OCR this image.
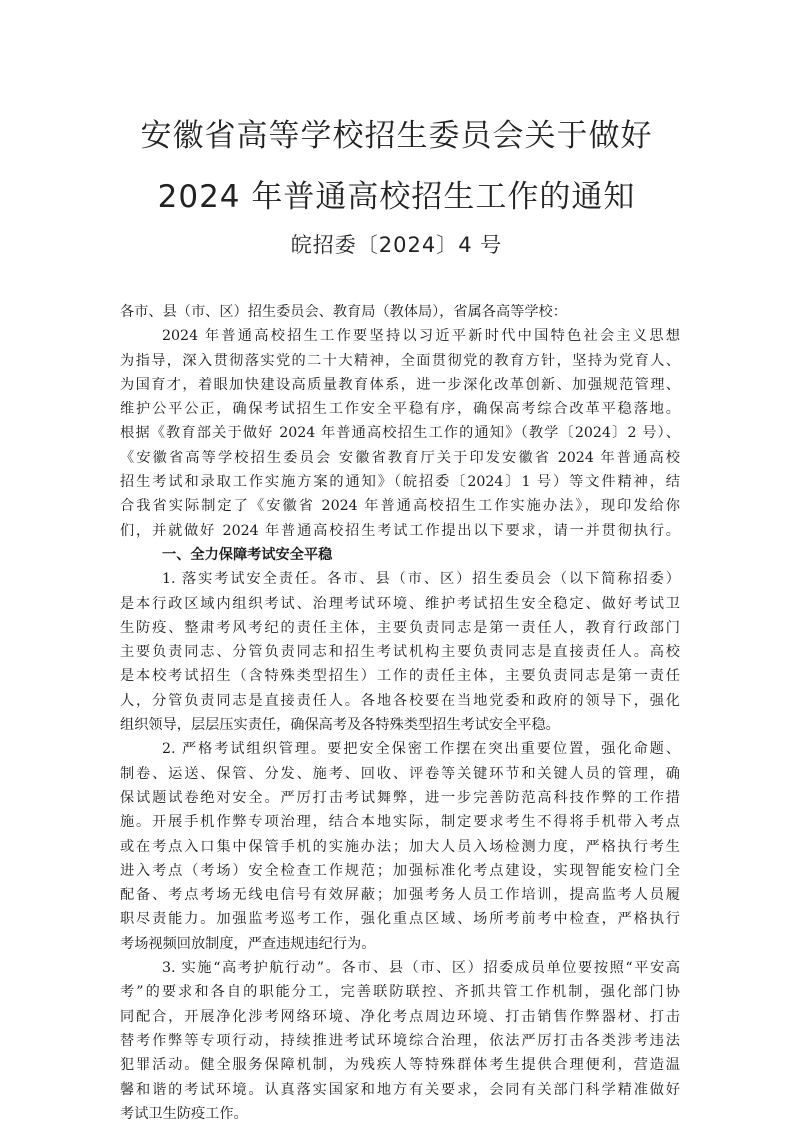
安徽省高等学校招生委员会关于做好
2024 年普通高校招生工作的通知
皖招委〔2024〕4 号
各市、县（市、区）招生委员会、教育局（教体局），省属各高等学校：
2024 年普通高校招生工作要坚持以习近平新时代中国特色社会主义思想
为指导，深入贯彻落实党的二十大精神，全面贯彻党的教育方针，坚持为党育人、
为国育才，着眼加快建设高质量教育体系，进一步深化改革创新、加强规范管理、
维护公平公正，确保考试招生工作安全平稳有序，确保高考综合改革平稳落地。
根据《教育部关于做好 2024 年普通高校招生工作的通知》（教学〔2024〕2 号）、
《安徽省高等学校招生委员会 安徽省教育厅关于印发安徽省 2024 年普通高校
招生考试和录取工作实施方案的通知》（皖招委〔2024〕1 号）等文件精神，结
合我省实际制定了《安徽省 2024 年普通高校招生工作实施办法》，现印发给你
们，并就做好 2024 年普通高校招生考试工作提出以下要求，请一并贯彻执行。
一、全力保障考试安全平稳
1. 落实考试安全责任。各市、县（市、区）招生委员会（以下简称招委）
是本行政区域内组织考试、治理考试环境、维护考试招生安全稳定、做好考试卫
生防疫、整肃考风考纪的责任主体，主要负责同志是第一责任人，教育行政部门
主要负责同志、分管负责同志和招生考试机构主要负责同志是直接责任人。高校
是本校考试招生（含特殊类型招生）工作的责任主体，主要负责同志是第一责任
人，分管负责同志是直接责任人。各地各校要在当地党委和政府的领导下，强化
组织领导，层层压实责任，确保高考及各特殊类型招生考试安全平稳。
2. 严格考试组织管理。要把安全保密工作摆在突出重要位置，强化命题、
制卷、运送、保管、分发、施考、回收、评卷等关键环节和关键人员的管理，确
保试题试卷绝对安全。严厉打击考试舞弊，进一步完善防范高科技作弊的工作措
施。开展手机作弊专项治理，结合本地实际，制定要求考生不得将手机带入考点
或在考点入口集中保管手机的实施办法；加大人员入场检测力度，严格执行考生
进入考点（考场）安全检查工作规范；加强标准化考点建设，实现智能安检门全
配备、考点考场无线电信号有效屏蔽；加强考务人员工作培训，提高监考人员履
职尽责能力。加强监考巡考工作，强化重点区域、场所考前考中检查，严格执行
考场视频回放制度，严查违规违纪行为。
3. 实施“高考护航行动”。各市、县（市、区）招委成员单位要按照“平安高
考”的要求和各自的职能分工，完善联防联控、齐抓共管工作机制，强化部门协
同配合，开展净化涉考网络环境、净化考点周边环境、打击销售作弊器材、打击
替考作弊等专项行动，持续推进考试环境综合治理，依法严厉打击各类涉考违法
犯罪活动。健全服务保障机制，为残疾人等特殊群体考生提供合理便利，营造温
馨和谐的考试环境。认真落实国家和地方有关要求，会同有关部门科学精准做好
考试卫生防疫工作。
